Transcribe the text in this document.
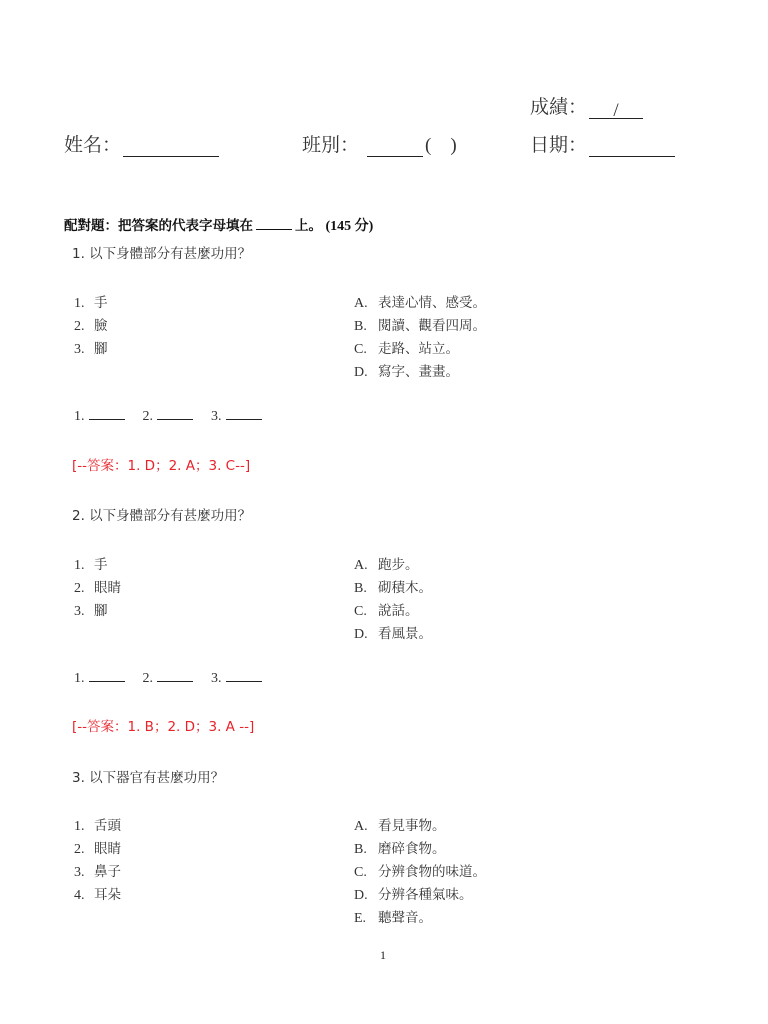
成績： /
姓名：	班別：	(    )	日期：
配對題：把答案的代表字母填在	上。 (145 分)
1. 以下身體部分有甚麼功用？
1. 手
2. 臉
3. 腳
A. 表達心情、感受。
B. 閱讀、觀看四周。
C. 走路、站立。
D. 寫字、畫畫。
1.	2.	3.
[--答案：1. D；2. A；3. C--]
2. 以下身體部分有甚麼功用？
1. 手
2. 眼睛
3. 腳
A. 跑步。
B. 砌積木。
C. 說話。
D. 看風景。
1.	2.	3.
[--答案：1. B；2. D；3. A --]
3. 以下器官有甚麼功用？
1. 舌頭
2. 眼睛
3. 鼻子
4. 耳朵
A. 看見事物。
B. 磨碎食物。
C. 分辨食物的味道。
D. 分辨各種氣味。
E. 聽聲音。
1
